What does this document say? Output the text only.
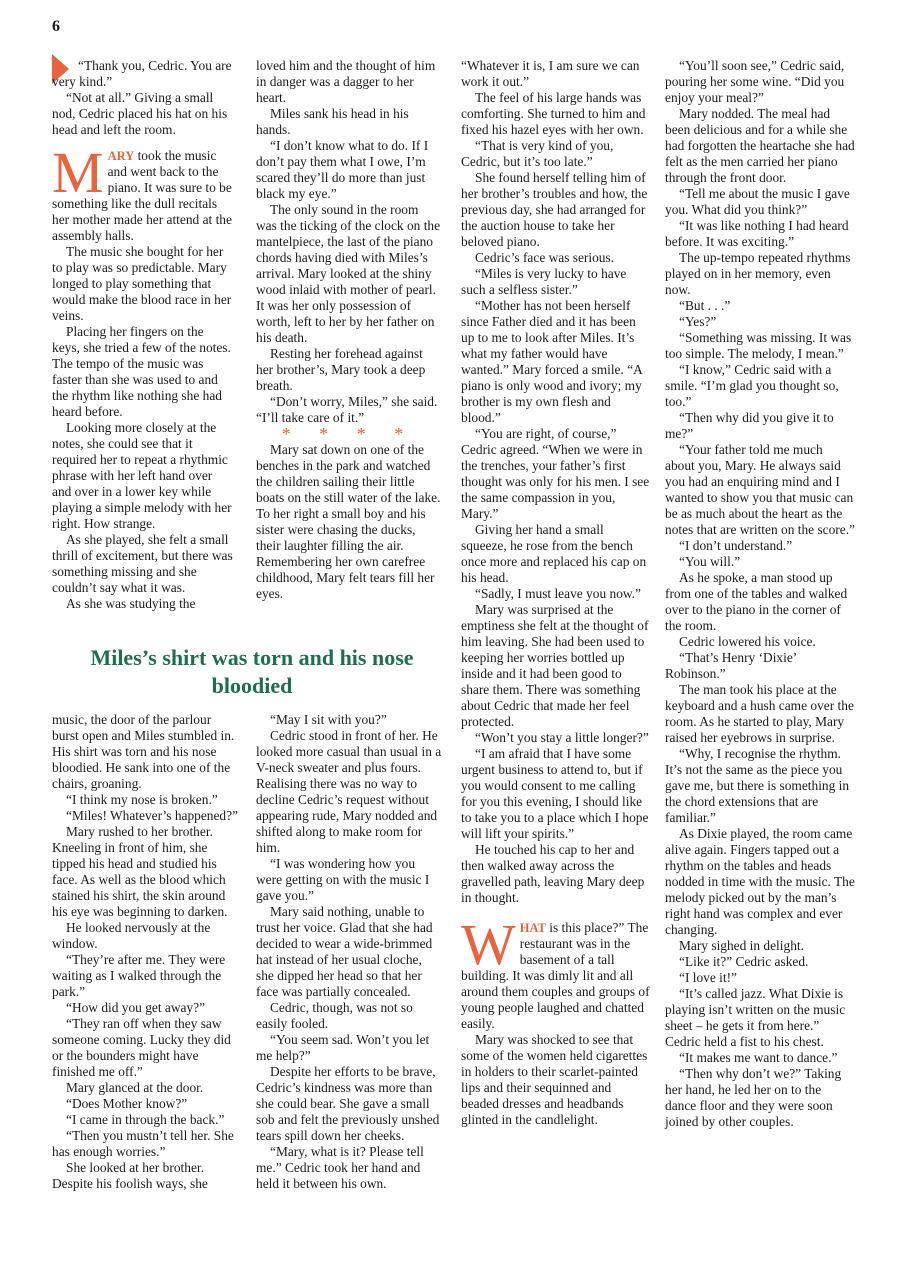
6

“Thank you, Cedric. You are very kind.”

“Not at all.” Giving a small nod, Cedric placed his hat on his head and left the room.

MARY took the music and went back to the piano. It was sure to be something like the dull recitals her mother made her attend at the assembly halls.

The music she bought for her to play was so predictable. Mary longed to play something that would make the blood race in her veins.

Placing her fingers on the keys, she tried a few of the notes. The tempo of the music was faster than she was used to and the rhythm like nothing she had heard before.

Looking more closely at the notes, she could see that it required her to repeat a rhythmic phrase with her left hand over and over in a lower key while playing a simple melody with her right. How strange.

As she played, she felt a small thrill of excitement, but there was something missing and she couldn’t say what it was.

As she was studying the

loved him and the thought of him in danger was a dagger to her heart.

Miles sank his head in his hands.

“I don’t know what to do. If I don’t pay them what I owe, I’m scared they’ll do more than just black my eye.”

The only sound in the room was the ticking of the clock on the mantelpiece, the last of the piano chords having died with Miles’s arrival. Mary looked at the shiny wood inlaid with mother of pearl. It was her only possession of worth, left to her by her father on his death.

Resting her forehead against her brother’s, Mary took a deep breath.

“Don’t worry, Miles,” she said. “I’ll take care of it.”

* * * *

Mary sat down on one of the benches in the park and watched the children sailing their little boats on the still water of the lake. To her right a small boy and his sister were chasing the ducks, their laughter filling the air. Remembering her own carefree childhood, Mary felt tears fill her eyes.

Miles’s shirt was torn and his nose bloodied

music, the door of the parlour burst open and Miles stumbled in. His shirt was torn and his nose bloodied. He sank into one of the chairs, groaning.

“I think my nose is broken.”

“Miles! Whatever’s happened?”

Mary rushed to her brother. Kneeling in front of him, she tipped his head and studied his face. As well as the blood which stained his shirt, the skin around his eye was beginning to darken.

He looked nervously at the window.

“They’re after me. They were waiting as I walked through the park.”

“How did you get away?”

“They ran off when they saw someone coming. Lucky they did or the bounders might have finished me off.”

Mary glanced at the door.

“Does Mother know?”

“I came in through the back.”

“Then you mustn’t tell her. She has enough worries.”

She looked at her brother. Despite his foolish ways, she

“May I sit with you?”

Cedric stood in front of her. He looked more casual than usual in a V-neck sweater and plus fours. Realising there was no way to decline Cedric’s request without appearing rude, Mary nodded and shifted along to make room for him.

“I was wondering how you were getting on with the music I gave you.”

Mary said nothing, unable to trust her voice. Glad that she had decided to wear a wide-brimmed hat instead of her usual cloche, she dipped her head so that her face was partially concealed.

Cedric, though, was not so easily fooled.

“You seem sad. Won’t you let me help?”

Despite her efforts to be brave, Cedric’s kindness was more than she could bear. She gave a small sob and felt the previously unshed tears spill down her cheeks.

“Mary, what is it? Please tell me.” Cedric took her hand and held it between his own.

“Whatever it is, I am sure we can work it out.”

The feel of his large hands was comforting. She turned to him and fixed his hazel eyes with her own.

“That is very kind of you, Cedric, but it’s too late.”

She found herself telling him of her brother’s troubles and how, the previous day, she had arranged for the auction house to take her beloved piano.

Cedric’s face was serious.

“Miles is very lucky to have such a selfless sister.”

“Mother has not been herself since Father died and it has been up to me to look after Miles. It’s what my father would have wanted.” Mary forced a smile. “A piano is only wood and ivory; my brother is my own flesh and blood.”

“You are right, of course,” Cedric agreed. “When we were in the trenches, your father’s first thought was only for his men. I see the same compassion in you, Mary.”

Giving her hand a small squeeze, he rose from the bench once more and replaced his cap on his head.

“Sadly, I must leave you now.”

Mary was surprised at the emptiness she felt at the thought of him leaving. She had been used to keeping her worries bottled up inside and it had been good to share them. There was something about Cedric that made her feel protected.

“Won’t you stay a little longer?”

“I am afraid that I have some urgent business to attend to, but if you would consent to me calling for you this evening, I should like to take you to a place which I hope will lift your spirits.”

He touched his cap to her and then walked away across the gravelled path, leaving Mary deep in thought.

WHAT is this place?” The restaurant was in the basement of a tall building. It was dimly lit and all around them couples and groups of young people laughed and chatted easily.

Mary was shocked to see that some of the women held cigarettes in holders to their scarlet-painted lips and their sequinned and beaded dresses and headbands glinted in the candlelight.

“You’ll soon see,” Cedric said, pouring her some wine. “Did you enjoy your meal?”

Mary nodded. The meal had been delicious and for a while she had forgotten the heartache she had felt as the men carried her piano through the front door.

“Tell me about the music I gave you. What did you think?”

“It was like nothing I had heard before. It was exciting.”

The up-tempo repeated rhythms played on in her memory, even now.

“But . . .”

“Yes?”

“Something was missing. It was too simple. The melody, I mean.”

“I know,” Cedric said with a smile. “I’m glad you thought so, too.”

“Then why did you give it to me?”

“Your father told me much about you, Mary. He always said you had an enquiring mind and I wanted to show you that music can be as much about the heart as the notes that are written on the score.”

“I don’t understand.”

“You will.”

As he spoke, a man stood up from one of the tables and walked over to the piano in the corner of the room.

Cedric lowered his voice.

“That’s Henry ‘Dixie’ Robinson.”

The man took his place at the keyboard and a hush came over the room. As he started to play, Mary raised her eyebrows in surprise.

“Why, I recognise the rhythm. It’s not the same as the piece you gave me, but there is something in the chord extensions that are familiar.”

As Dixie played, the room came alive again. Fingers tapped out a rhythm on the tables and heads nodded in time with the music. The melody picked out by the man’s right hand was complex and ever changing.

Mary sighed in delight.

“Like it?” Cedric asked.

“I love it!”

“It’s called jazz. What Dixie is playing isn’t written on the music sheet – he gets it from here.” Cedric held a fist to his chest.

“It makes me want to dance.”

“Then why don’t we?” Taking her hand, he led her on to the dance floor and they were soon joined by other couples.
